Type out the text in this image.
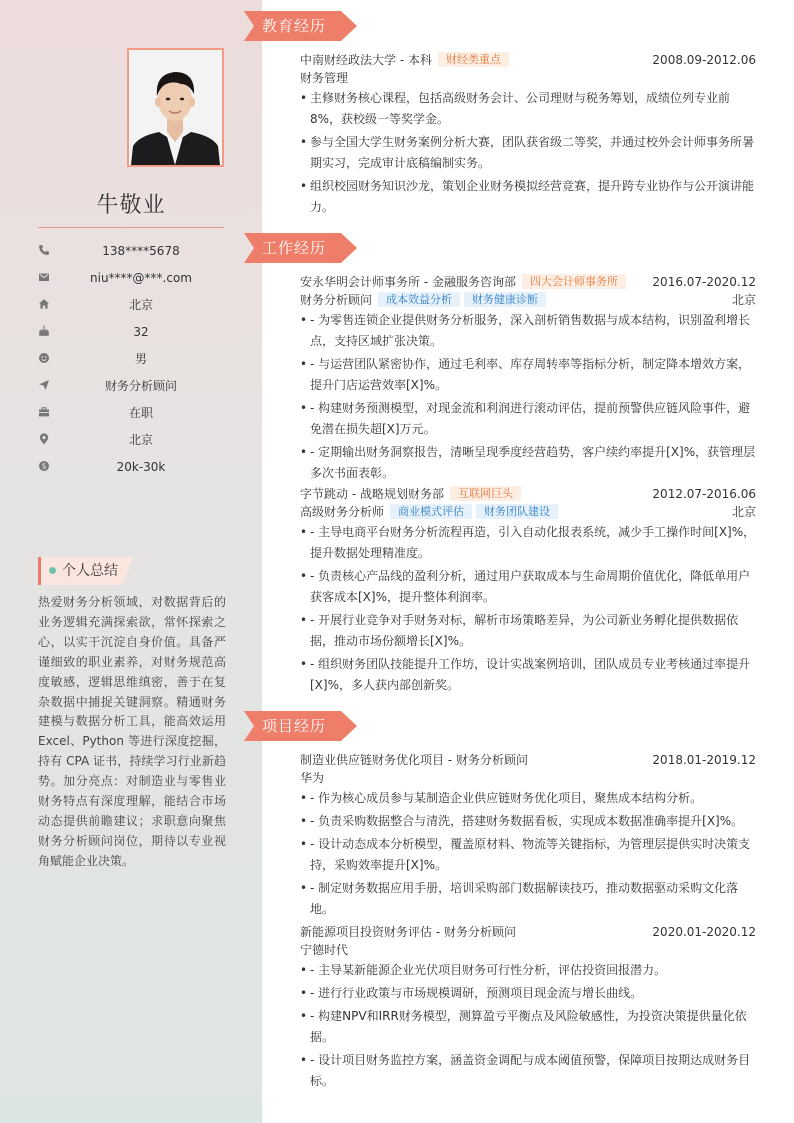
牛敬业
138****5678
niu****@***.com
北京
32
男
财务分析顾问
在职
北京
$	20k-30k
个人总结
热爱财务分析领域，对数据背后的业务逻辑充满探索欲，常怀探索之心，以实干沉淀自身价值。具备严谨细致的职业素养，对财务规范高度敏感，逻辑思维缜密，善于在复杂数据中捕捉关键洞察。精通财务建模与数据分析工具，能高效运用 Excel、Python 等进行深度挖掘，持有 CPA 证书，持续学习行业新趋势。加分亮点：对制造业与零售业财务特点有深度理解，能结合市场动态提供前瞻建议；求职意向聚焦财务分析顾问岗位，期待以专业视角赋能企业决策。
教育经历
中南财经政法大学 - 本科 财经类重点	2008.09-2012.06
财务管理
• 主修财务核心课程，包括高级财务会计、公司理财与税务筹划，成绩位列专业前8%，获校级一等奖学金。
• 参与全国大学生财务案例分析大赛，团队获省级二等奖，并通过校外会计师事务所暑期实习，完成审计底稿编制实务。
• 组织校园财务知识沙龙，策划企业财务模拟经营竞赛，提升跨专业协作与公开演讲能力。
工作经历
安永华明会计师事务所 - 金融服务咨询部 四大会计师事务所	2016.07-2020.12
财务分析顾问 成本效益分析 财务健康诊断	北京
• - 为零售连锁企业提供财务分析服务，深入剖析销售数据与成本结构，识别盈利增长点，支持区域扩张决策。
• - 与运营团队紧密协作，通过毛利率、库存周转率等指标分析，制定降本增效方案，提升门店运营效率[X]%。
• - 构建财务预测模型，对现金流和利润进行滚动评估，提前预警供应链风险事件，避免潜在损失超[X]万元。
• - 定期输出财务洞察报告，清晰呈现季度经营趋势，客户续约率提升[X]%，获管理层多次书面表彰。
字节跳动 - 战略规划财务部 互联网巨头	2012.07-2016.06
高级财务分析师 商业模式评估 财务团队建设	北京
• - 主导电商平台财务分析流程再造，引入自动化报表系统，减少手工操作时间[X]%，提升数据处理精准度。
• - 负责核心产品线的盈利分析，通过用户获取成本与生命周期价值优化，降低单用户获客成本[X]%，提升整体利润率。
• - 开展行业竞争对手财务对标，解析市场策略差异，为公司新业务孵化提供数据依据，推动市场份额增长[X]%。
• - 组织财务团队技能提升工作坊，设计实战案例培训，团队成员专业考核通过率提升[X]%，多人获内部创新奖。
项目经历
制造业供应链财务优化项目 - 财务分析顾问	2018.01-2019.12
华为
• - 作为核心成员参与某制造企业供应链财务优化项目，聚焦成本结构分析。
• - 负责采购数据整合与清洗，搭建财务数据看板，实现成本数据准确率提升[X]%。
• - 设计动态成本分析模型，覆盖原材料、物流等关键指标，为管理层提供实时决策支持，采购效率提升[X]%。
• - 制定财务数据应用手册，培训采购部门数据解读技巧，推动数据驱动采购文化落地。
新能源项目投资财务评估 - 财务分析顾问	2020.01-2020.12
宁德时代
• - 主导某新能源企业光伏项目财务可行性分析，评估投资回报潜力。
• - 进行行业政策与市场规模调研，预测项目现金流与增长曲线。
• - 构建NPV和IRR财务模型，测算盈亏平衡点及风险敏感性，为投资决策提供量化依据。
• - 设计项目财务监控方案，涵盖资金调配与成本阈值预警，保障项目按期达成财务目标。
